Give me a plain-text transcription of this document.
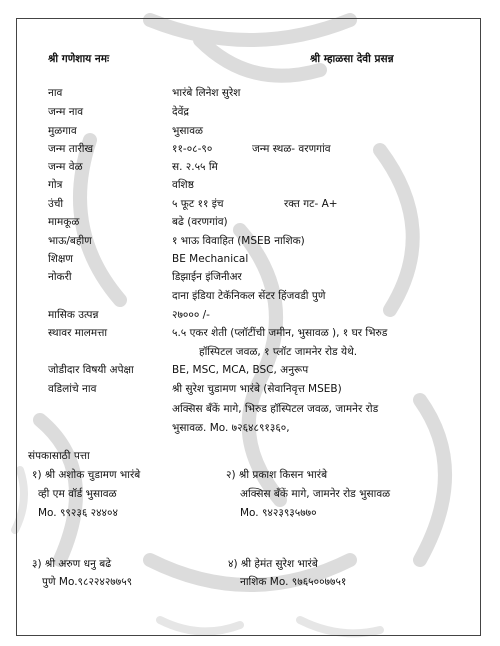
श्री गणेशाय नमः	श्री म्हाळसा देवी प्रसन्न
नाव	भारंबे लिनेश सुरेश
जन्म नाव	देवेंद्र
मुळगाव	भुसावळ
जन्म तारीख	११-०८-९०	जन्म स्थळ- वरणगांव
जन्म वेळ	स. २.५५ मि
गोत्र	वशिष्ठ
उंची	५ फूट ११ इंच	रक्त गट- A+
मामकूळ	बढे (वरणगांव)
भाऊ/बहीण	१ भाऊ विवाहित (MSEB नाशिक)
शिक्षण	BE Mechanical
नोकरी	डिझाईन इंजिनीअर
दाना इंडिया टेकॅनिकल सेंटर हिंजवडी पुणे
मासिक उत्पन्न	२७००० /-
स्थावर मालमत्ता	५.५ एकर शेती (प्लॉटींची जमीन, भुसावळ ), १ घर भिरुड
हॉस्पिटल जवळ, १ प्लॉट जामनेर रोड येथे.
जोडीदार विषयी अपेक्षा	BE, MSC, MCA, BSC, अनुरूप
वडिलांचे नाव	श्री सुरेश चुडामण भारंबे (सेवानिवृत्त MSEB)
अक्सिस बँकें मागे, भिरुड हॉस्पिटल जवळ, जामनेर रोड
भुसावळ. Mo. ७२६४८९१३६०,
संपकासाठी पत्ता
१) श्री अशोक चुडामण भारंबे
व्ही एम वॉर्ड भुसावळ
Mo. ९९२३६ २४४०४
२) श्री प्रकाश किसन भारंबे
अक्सिस बँकें मागे, जामनेर रोड भुसावळ
Mo. ९४२३९३५७७०
३) श्री अरुण धनु बढे
पुणे Mo.९८२२४२७७५९
४) श्री हेमंत सुरेश भारंबे
नाशिक Mo. ९७६५००७७५१
